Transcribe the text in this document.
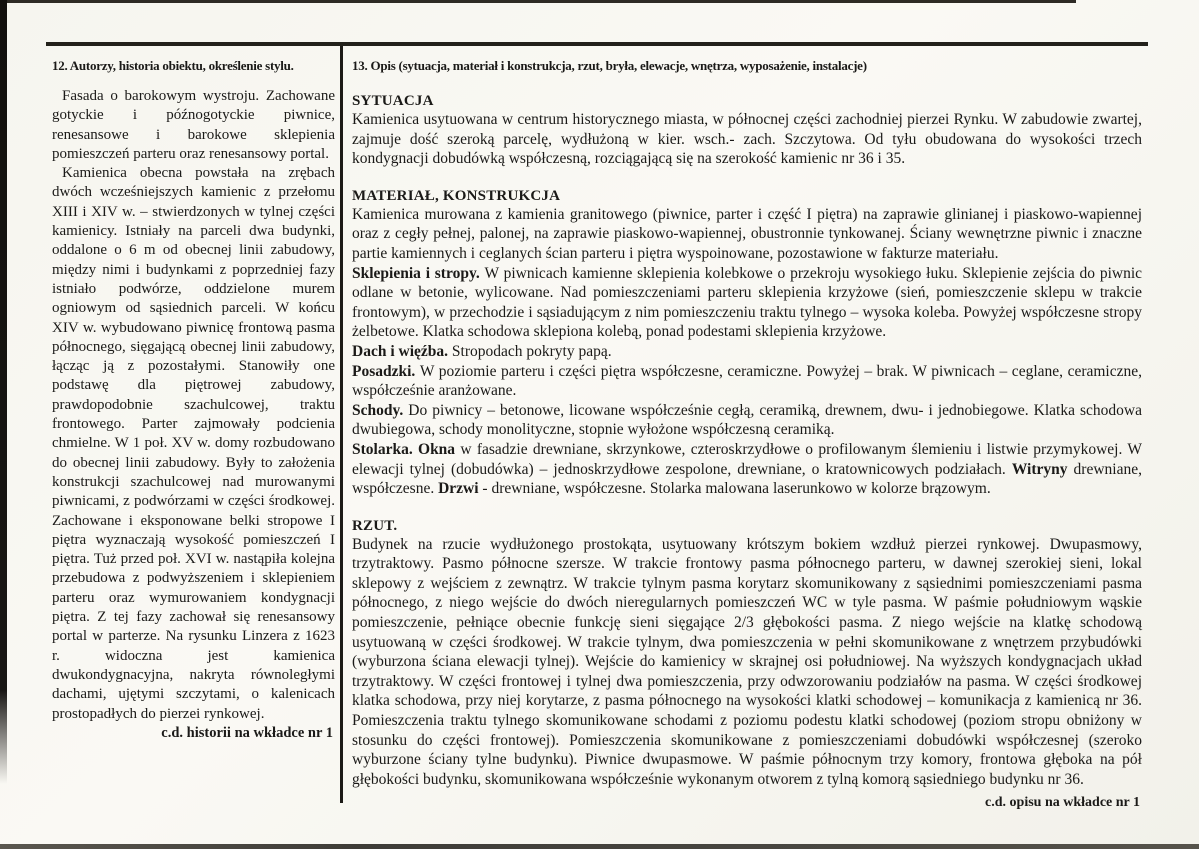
12. Autorzy, historia obiektu, określenie stylu.

Fasada o barokowym wystroju. Zachowane gotyckie i późnogotyckie piwnice, renesansowe i barokowe sklepienia pomieszczeń parteru oraz renesansowy portal.

Kamienica obecna powstała na zrębach dwóch wcześniejszych kamienic z przełomu XIII i XIV w. – stwierdzonych w tylnej części kamienicy. Istniały na parceli dwa budynki, oddalone o 6 m od obecnej linii zabudowy, między nimi i budynkami z poprzedniej fazy istniało podwórze, oddzielone murem ogniowym od sąsiednich parceli. W końcu XIV w. wybudowano piwnicę frontową pasma północnego, sięgającą obecnej linii zabudowy, łącząc ją z pozostałymi. Stanowiły one podstawę dla piętrowej zabudowy, prawdopodobnie szachulcowej, traktu frontowego. Parter zajmowały podcienia chmielne. W 1 poł. XV w. domy rozbudowano do obecnej linii zabudowy. Były to założenia konstrukcji szachulcowej nad murowanymi piwnicami, z podwórzami w części środkowej. Zachowane i eksponowane belki stropowe I piętra wyznaczają wysokość pomieszczeń I piętra. Tuż przed poł. XVI w. nastąpiła kolejna przebudowa z podwyższeniem i sklepieniem parteru oraz wymurowaniem kondygnacji piętra. Z tej fazy zachował się renesansowy portal w parterze. Na rysunku Linzera z 1623 r. widoczna jest kamienica dwukondygnacyjna, nakryta równoległymi dachami, ujętymi szczytami, o kalenicach prostopadłych do pierzei rynkowej.

c.d. historii na wkładce nr 1
13. Opis (sytuacja, materiał i konstrukcja, rzut, bryła, elewacje, wnętrza, wyposażenie, instalacje)
SYTUACJA

Kamienica usytuowana w centrum historycznego miasta, w północnej części zachodniej pierzei Rynku. W zabudowie zwartej, zajmuje dość szeroką parcelę, wydłużoną w kier. wsch.- zach. Szczytowa. Od tyłu obudowana do wysokości trzech kondygnacji dobudówką współczesną, rozciągającą się na szerokość kamienic nr 36 i 35.

MATERIAŁ, KONSTRUKCJA

Kamienica murowana z kamienia granitowego (piwnice, parter i część I piętra) na zaprawie glinianej i piaskowo-wapiennej oraz z cegły pełnej, palonej, na zaprawie piaskowo-wapiennej, obustronnie tynkowanej. Ściany wewnętrzne piwnic i znaczne partie kamiennych i ceglanych ścian parteru i piętra wyspoinowane, pozostawione w fakturze materiału.

Sklepienia i stropy. W piwnicach kamienne sklepienia kolebkowe o przekroju wysokiego łuku. Sklepienie zejścia do piwnic odlane w betonie, wylicowane. Nad pomieszczeniami parteru sklepienia krzyżowe (sień, pomieszczenie sklepu w trakcie frontowym), w przechodzie i sąsiadującym z nim pomieszczeniu traktu tylnego – wysoka koleba. Powyżej współczesne stropy żelbetowe. Klatka schodowa sklepiona kolebą, ponad podestami sklepienia krzyżowe.

Dach i więźba. Stropodach pokryty papą.

Posadzki. W poziomie parteru i części piętra współczesne, ceramiczne. Powyżej – brak. W piwnicach – ceglane, ceramiczne, współcześnie aranżowane.

Schody. Do piwnicy – betonowe, licowane współcześnie cegłą, ceramiką, drewnem, dwu- i jednobiegowe. Klatka schodowa dwubiegowa, schody monolityczne, stopnie wyłożone współczesną ceramiką.

Stolarka. Okna w fasadzie drewniane, skrzynkowe, czteroskrzydłowe o profilowanym ślemieniu i listwie przymykowej. W elewacji tylnej (dobudówka) – jednoskrzydłowe zespolone, drewniane, o kratownicowych podziałach. Witryny drewniane, współczesne. Drzwi - drewniane, współczesne. Stolarka malowana laserunkowo w kolorze brązowym.

RZUT.

Budynek na rzucie wydłużonego prostokąta, usytuowany krótszym bokiem wzdłuż pierzei rynkowej. Dwupasmowy, trzytraktowy. Pasmo północne szersze. W trakcie frontowy pasma północnego parteru, w dawnej szerokiej sieni, lokal sklepowy z wejściem z zewnątrz. W trakcie tylnym pasma korytarz skomunikowany z sąsiednimi pomieszczeniami pasma północnego, z niego wejście do dwóch nieregularnych pomieszczeń WC w tyle pasma. W paśmie południowym wąskie pomieszczenie, pełniące obecnie funkcję sieni sięgające 2/3 głębokości pasma. Z niego wejście na klatkę schodową usytuowaną w części środkowej. W trakcie tylnym, dwa pomieszczenia w pełni skomunikowane z wnętrzem przybudówki (wyburzona ściana elewacji tylnej). Wejście do kamienicy w skrajnej osi południowej. Na wyższych kondygnacjach układ trzytraktowy. W części frontowej i tylnej dwa pomieszczenia, przy odwzorowaniu podziałów na pasma. W części środkowej klatka schodowa, przy niej korytarze, z pasma północnego na wysokości klatki schodowej – komunikacja z kamienicą nr 36. Pomieszczenia traktu tylnego skomunikowane schodami z poziomu podestu klatki schodowej (poziom stropu obniżony w stosunku do części frontowej). Pomieszczenia skomunikowane z pomieszczeniami dobudówki współczesnej (szeroko wyburzone ściany tylne budynku). Piwnice dwupasmowe. W paśmie północnym trzy komory, frontowa głęboka na pół głębokości budynku, skomunikowana współcześnie wykonanym otworem z tylną komorą sąsiedniego budynku nr 36.

c.d. opisu na wkładce nr 1
